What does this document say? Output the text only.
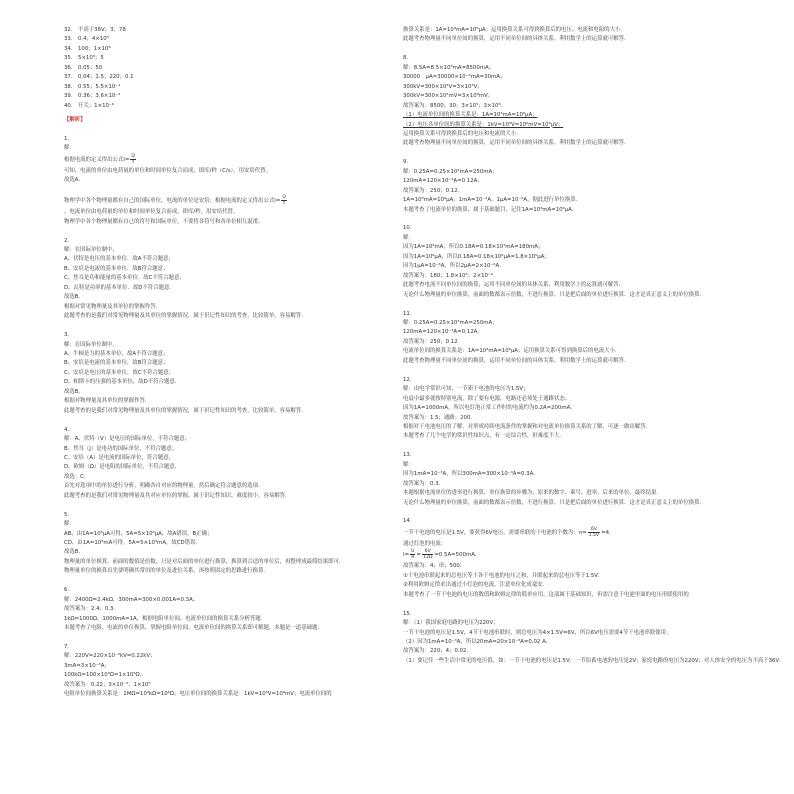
32.　不高于36V；3；78
33.　0.4；4×10⁵
34.　100；1×10⁸
35.　5×10³；5
36.　0.05；50
37.　0.04；1.5；220；0.1
38.　0.55；5.5×10⁻⁴
39.　0.36；3.6×10⁻⁴
40.　开关；1×10⁻⁶
【解析】
1.
解：
根据电流的定义得出公式$I= \frac{Q}{t}$
可知，电流的单位由电荷量的单位和时间单位复合而成，即库/秒（C/s），用安培代替。
故选A.
物理学中各个物理量都有自己的国际单位，电流的单位是安培；根据电流的定义得出公式$I= \frac{Q}{t}$
，电流单位由电荷量的单位和时间单位复合而成，即库/秒，用安培代替。
物理学中各个物理量都有自己的符号和国际单位，不要将各符号和各单位相互混淆。
2.
解：在国际单位制中，
A、伏特是电压的基本单位．故A不符合题意；
B、安培是电流的基本单位．故B符合题意；
C、焦耳是功和能量的基本单位．故C不符合题意；
D、瓦特是功率的基本单位．故D不符合题意．
故选B.
根据对常见物理量及其单位的掌握作答.
此题考查的是我们对常见物理量及其单位的掌握情况，属于识记性知识的考查，比较简单，容易解答.
3.
解：在国际单位制中，
A、牛顿是力的基本单位，故A不符合题意；
B、安培是电流的基本单位，故B符合题意；
C、安培是电压的基本单位，故C不符合题意；
D、帕斯卡的压强的基本单位，故D不符合题意．
故选B.
根据对物理量及其单位的掌握作答.
此题考查的是我们对常见物理量及其单位的掌握情况，属于识记性知识的考查，比较简单，容易解答.
4.
解：A、伏特（V）是电压的国际单位，不符合题意；
B、焦耳（J）是电功的国际单位，不符合题意；
C、安培（A）是电流的国际单位，符合题意；
D、欧姆（Ω）是电阻的国际单位，不符合题意．
故选：C.
首先对选项中的单位进行分析，明确各自对应的物理量，然后确定符合题意的选项.
此题考查的是我们对常见物理量及其对应单位的掌握，属于识记性知识，难度较小，容易解答.
5.
解：
AB、由1A=10⁶μA可得，5A=5×10⁶μA，故A错误、B正确；
CD、由1A=10³mA可得，5A=5×10³mA，故CD错误．
故选B.
物理量的单位换算，前面的数值是倍数，只是对后面的单位进行换算，换算到合适的单位后，再整理成最简结果即可.
物理量单位的换算首先要明确其常用的单位及进位关系，再按照固定的思路进行换算.
6.
解：2400Ω=2.4kΩ，300mA=300×0.001A=0.3A；
故答案为：2.4；0.3.
1kΩ=1000Ω，1000mA=1A，根据电阻单位间、电流单位间的换算关系分析答题.
本题考查了电阻、电流的单位换算，掌握电阻单位间、电流单位间的换算关系即可解题，本题是一道基础题.
7.
解：220V=220×10⁻³kV=0.22kV；
3mA=3×10⁻³A；
100kΩ=100×10³Ω=1×10⁵Ω；
故答案为：0.22；3×10⁻³；1×10⁵
电阻单位间换算关系是：1MΩ=10³kΩ=10⁶Ω；电压单位间的换算关系是：1kV=10³V=10⁶mV；电流单位间的
换算关系是：1A=10³mA=10⁶μA；运用换算关系可得到换算后的电压、电流和电阻的大小．
此题考查物理量不同单位间的换算，运用不同单位间的具体关系，利用数学上的运算就可解答．
8.
解：8.5A=8.5×10³mA=8500mA；
30000　μA=30000×10⁻³mA=30mA；
300kV=300×10³V=3×10⁵V；
300kV=300×10³mV=3×10⁸mV；
故答案为：8500；30；3×10⁵；3×10⁸．
（1）电流单位间的换算关系是：1A=10³mA=10⁶μA；
（2）电压各单位间的换算关系是：1kV=10³V=10⁶mV=10⁹μV；
运用换算关系可得到换算后的电压和电流的大小．
此题考查物理量不同单位间的换算，运用不同单位间的具体关系，利用数学上的运算就可解答．
9.
解：0.25A=0.25×10³mA=250mA；
120mA=120×10⁻³A=0.12A．
故答案为：250；0.12．
1A=10³mA=10⁶μA，1mA=10⁻³A，1μA=10⁻⁶A，据此进行单位换算．
本题考查了电流单位的换算，属于基础题目，记住1A=10³mA=10⁶μA．
10.
解：
因为1A=10³mA，所以0.18A=0.18×10³mA=180mA；
因为1A=10⁶μA，所以0.18A=0.18×10⁶μA=1.8×10⁵μA；
因为1μA=10⁻⁶A，所以2μA=2×10⁻⁶A．
故答案为：180；1.8×10⁵；2×10⁻⁶．
此题考查电流不同单位间的换算，运用不同单位间的具体关系，利用数学上的运算就可解答．
无论什么物理量的单位换算，前面的数都表示倍数，不进行换算，只是把后面的单位进行换算．这才是真正意义上的单位换算．
11.
解：0.25A=0.25×10³mA=250mA；
120mA=120×10⁻³A=0.12A．
故答案为：250；0.12
电流单位间的换算关系是：1A=10³mA=10⁶μA；运用换算关系可得到换算后的电流大小．
此题考查物理量不同单位间的换算，运用不同单位间的具体关系，利用数学上的运算就可解答．
12.
解：由电学常识可知，一节新干电池的电压为1.5V；
电扇中最多就按特别电流，除了要有电源，电路还必须处于通路状态；
因为1A=1000mA，所以电灯泡正常工作时的电流约为0.2A=200mA．
故答案为：1.5；通路；200．
根据对干电池电压的了解，对形成持续电流条件的掌握和对电流单位换算关系的了解，可逐一做出解答．
本题考查了几个电学的常识性知识点，有一定综合性，但难度不大．
13.
解：
因为1mA=10⁻³A，所以300mA=300×10⁻³A=0.3A．
故答案为：0.3．
本题根据电流单位的进率进行换算，单位换算的步骤为：原来的数字、乘号、进率、后来的单位、最终结果．
无论什么物理量的单位换算，前面的数都表示倍数，不进行换算，只是把后面的单位进行换算．这才是真正意义上的单位换算．
14.
一节干电池的电压是1.5V，要获得6V电压，需要串联的干电池的个数为：$n= \frac{6V}{1.5V} =4$．
通过灯泡的电流：
$I= \frac{U}{R} = \frac{6V}{12\Omega} =0.5A=500mA$．
故答案为：4；串；500．
①干电池串联起来的总电压等于各干电池的电压之和，并联起来的总电压等于1.5V．
②利用欧姆定律求出通过小灯泡的电流，注意单位化成毫安．
本题考查了一节干电池的电压的数值和欧姆定律的简单应用，这部属于基础知识，但需注意千电池里面的电压串联使用的．
15.
解：（1）我国家庭电路的电压为220V；
一节干电池的电压是1.5V，4节干电池串联时，则总电压为4×1.5V=6V，所以6V电压需要4节干电池串联使用；
（2）因为1mA=10⁻³A，所以20mA=20×10⁻³A=0.02 A．
故答案为：220；4；0.02．
（1）要记住一些生活中常见的电压值，如：一节干电池的电压是1.5V；一节铅蓄电池的电压是2V；家庭电路的电压为220V；对人体安全的电压为不高于36V．
